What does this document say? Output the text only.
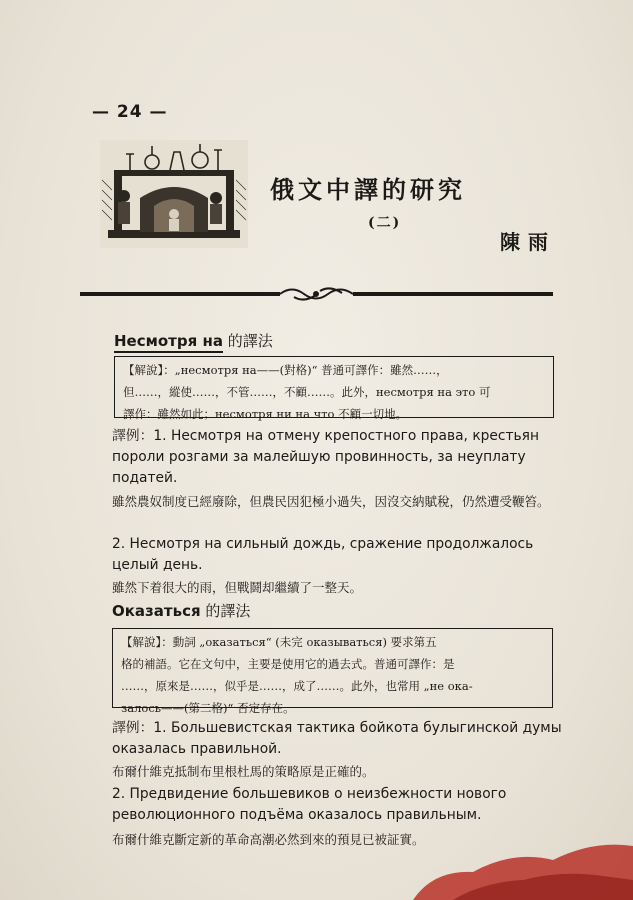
— 24 —
俄文中譯的研究
(二)
陳雨
Несмотря на 的譯法

【解說】：„несмотря на——(對格)“ 普通可譯作：雖然……，

但……，縱使……，不管……，不顧……。此外，несмотря на это 可

譯作：雖然如此；несмотря ни на что 不顧一切地。

譯例：1. Несмотря на отмену крепостного права, крестьян пороли розгами за малейшую провинность, за неуплату податей.

雖然農奴制度已經廢除，但農民因犯極小過失，因沒交納賦稅，仍然遭受鞭笞。

2. Несмотря на сильный дождь, сражение продолжалось целый день.

雖然下着很大的雨，但戰鬪却繼續了一整天。

Оказаться 的譯法

【解說】：動詞 „оказаться“ (未完 оказываться) 要求第五

格的補語。它在文句中，主要是使用它的過去式。普通可譯作：是

……，原來是……，似乎是……，成了……。此外，也常用 „не ока-

залось——(第二格)“ 否定存在。

譯例：1. Большевистская тактика бойкота булыгинской думы оказалась правильной.

布爾什維克抵制布里根杜馬的策略原是正確的。

2. Предвидение большевиков о неизбежности нового революционного подъёма оказалось правильным.

布爾什維克斷定新的革命高潮必然到來的預見已被証實。
